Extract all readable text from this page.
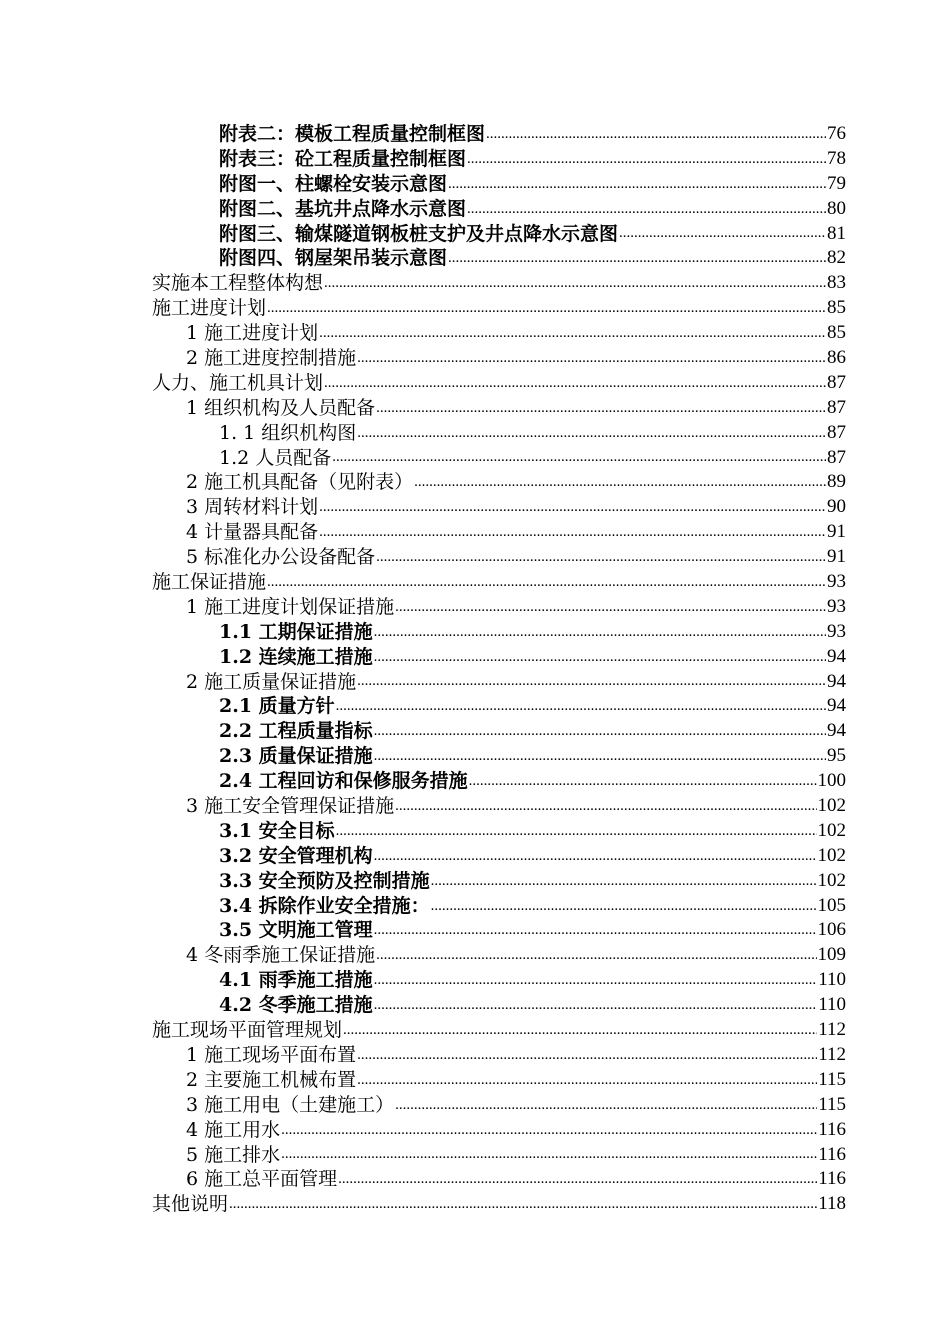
附表二：模板工程质量控制框图 .....	76
附表三：砼工程质量控制框图 .....	78
附图一、柱螺栓安装示意图 .....	79
附图二、基坑井点降水示意图 .....	80
附图三、输煤隧道钢板桩支护及井点降水示意图 .....	81
附图四、钢屋架吊装示意图 .....	82
实施本工程整体构想 .....	83
施工进度计划 .....	85
1 施工进度计划 .....	85
2 施工进度控制措施 .....	86
人力、施工机具计划 .....	87
1 组织机构及人员配备 .....	87
1. 1 组织机构图 .....	87
1.2 人员配备 .....	87
2 施工机具配备（见附表） .....	89
3 周转材料计划 .....	90
4 计量器具配备 .....	91
5 标准化办公设备配备 .....	91
施工保证措施 .....	93
1 施工进度计划保证措施 .....	93
1.1 工期保证措施 .....	93
1.2 连续施工措施 .....	94
2 施工质量保证措施 .....	94
2.1 质量方针 .....	94
2.2 工程质量指标 .....	94
2.3 质量保证措施 .....	95
2.4 工程回访和保修服务措施 .....	100
3 施工安全管理保证措施 .....	102
3.1 安全目标 .....	102
3.2 安全管理机构 .....	102
3.3 安全预防及控制措施 .....	102
3.4 拆除作业安全措施： .....	105
3.5 文明施工管理 .....	106
4 冬雨季施工保证措施 .....	109
4.1 雨季施工措施 .....	110
4.2 冬季施工措施 .....	110
施工现场平面管理规划 .....	112
1 施工现场平面布置 .....	112
2 主要施工机械布置 .....	115
3 施工用电（土建施工） .....	115
4 施工用水 .....	116
5 施工排水 .....	116
6 施工总平面管理 .....	116
其他说明 .....	118
